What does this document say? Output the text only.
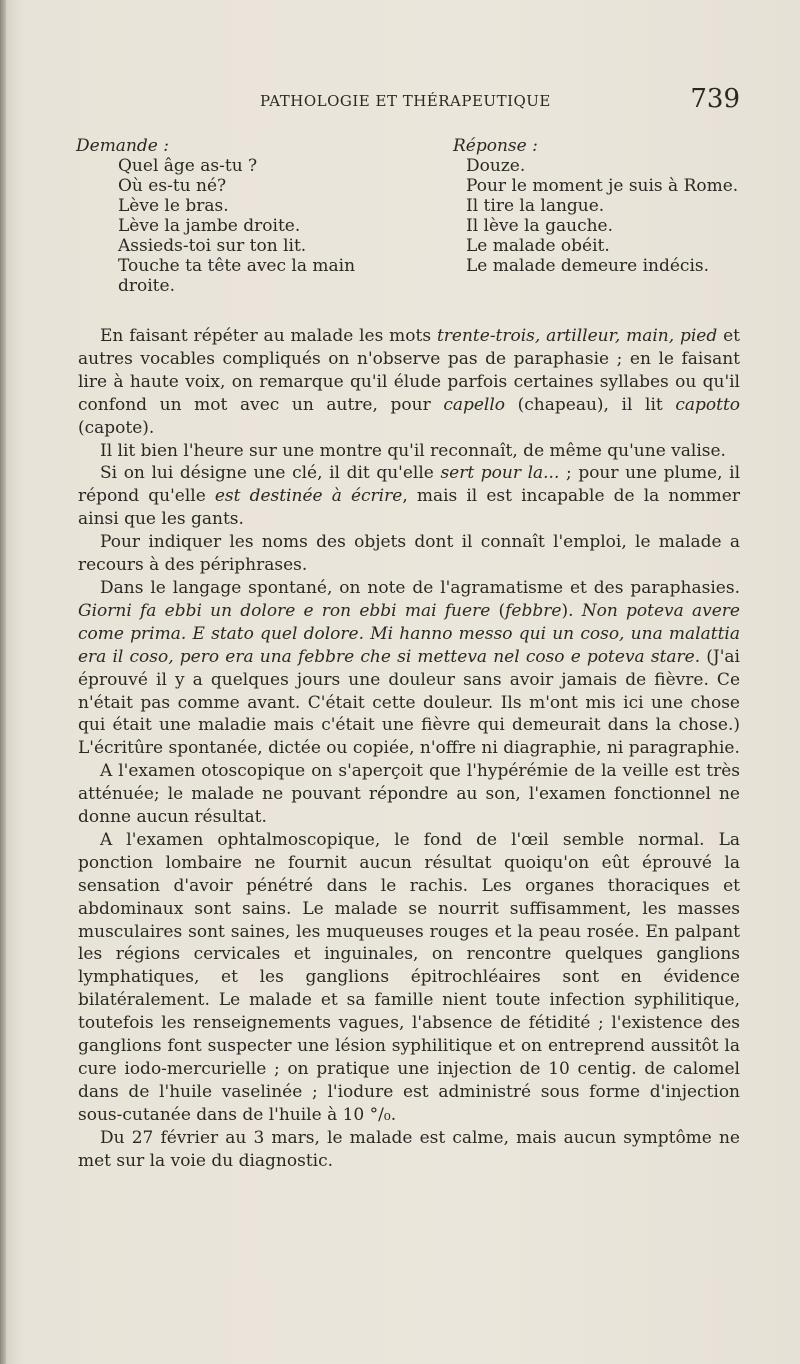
PATHOLOGIE ET THÉRAPEUTIQUE	739
Demande :
Quel âge as-tu ?
Où es-tu né?
Lève le bras.
Lève la jambe droite.
Assieds-toi sur ton lit.
Touche ta tête avec la main
droite.
Réponse :
Douze.
Pour le moment je suis à Rome.
Il tire la langue.
Il lève la gauche.
Le malade obéit.
Le malade demeure indécis.

En faisant répéter au malade les mots trente-trois, artilleur, main, pied et autres vocables compliqués on n'observe pas de paraphasie ; en le faisant lire à haute voix, on remarque qu'il élude parfois certaines syllabes ou qu'il confond un mot avec un autre, pour capello (chapeau), il lit capotto (capote).

Il lit bien l'heure sur une montre qu'il reconnaît, de même qu'une valise.

Si on lui désigne une clé, il dit qu'elle sert pour la... ; pour une plume, il répond qu'elle est destinée à écrire, mais il est incapable de la nommer ainsi que les gants.

Pour indiquer les noms des objets dont il connaît l'emploi, le malade a recours à des périphrases.

Dans le langage spontané, on note de l'agramatisme et des paraphasies. Giorni fa ebbi un dolore e ron ebbi mai fuere (febbre). Non poteva avere come prima. E stato quel dolore. Mi hanno messo qui un coso, una malattia era il coso, pero era una febbre che si metteva nel coso e poteva stare. (J'ai éprouvé il y a quelques jours une douleur sans avoir jamais de fièvre. Ce n'était pas comme avant. C'était cette douleur. Ils m'ont mis ici une chose qui était une maladie mais c'était une fièvre qui demeurait dans la chose.) L'écritûre spontanée, dictée ou copiée, n'offre ni diagraphie, ni paragraphie.

A l'examen otoscopique on s'aperçoit que l'hypérémie de la veille est très atténuée; le malade ne pouvant répondre au son, l'examen fonctionnel ne donne aucun résultat.

A l'examen ophtalmoscopique, le fond de l'œil semble normal. La ponction lombaire ne fournit aucun résultat quoiqu'on eût éprouvé la sensation d'avoir pénétré dans le rachis. Les organes thoraciques et abdominaux sont sains. Le malade se nourrit suffisamment, les masses musculaires sont saines, les muqueuses rouges et la peau rosée. En palpant les régions cervicales et inguinales, on rencontre quelques ganglions lymphatiques, et les ganglions épitrochléaires sont en évidence bilatéralement. Le malade et sa famille nient toute infection syphilitique, toutefois les renseignements vagues, l'absence de fétidité ; l'existence des ganglions font suspecter une lésion syphilitique et on entreprend aussitôt la cure iodo-mercurielle ; on pratique une injection de 10 centig. de calomel dans de l'huile vaselinée ; l'iodure est administré sous forme d'injection sous-cutanée dans de l'huile à 10 °/₀.

Du 27 février au 3 mars, le malade est calme, mais aucun symptôme ne met sur la voie du diagnostic.
